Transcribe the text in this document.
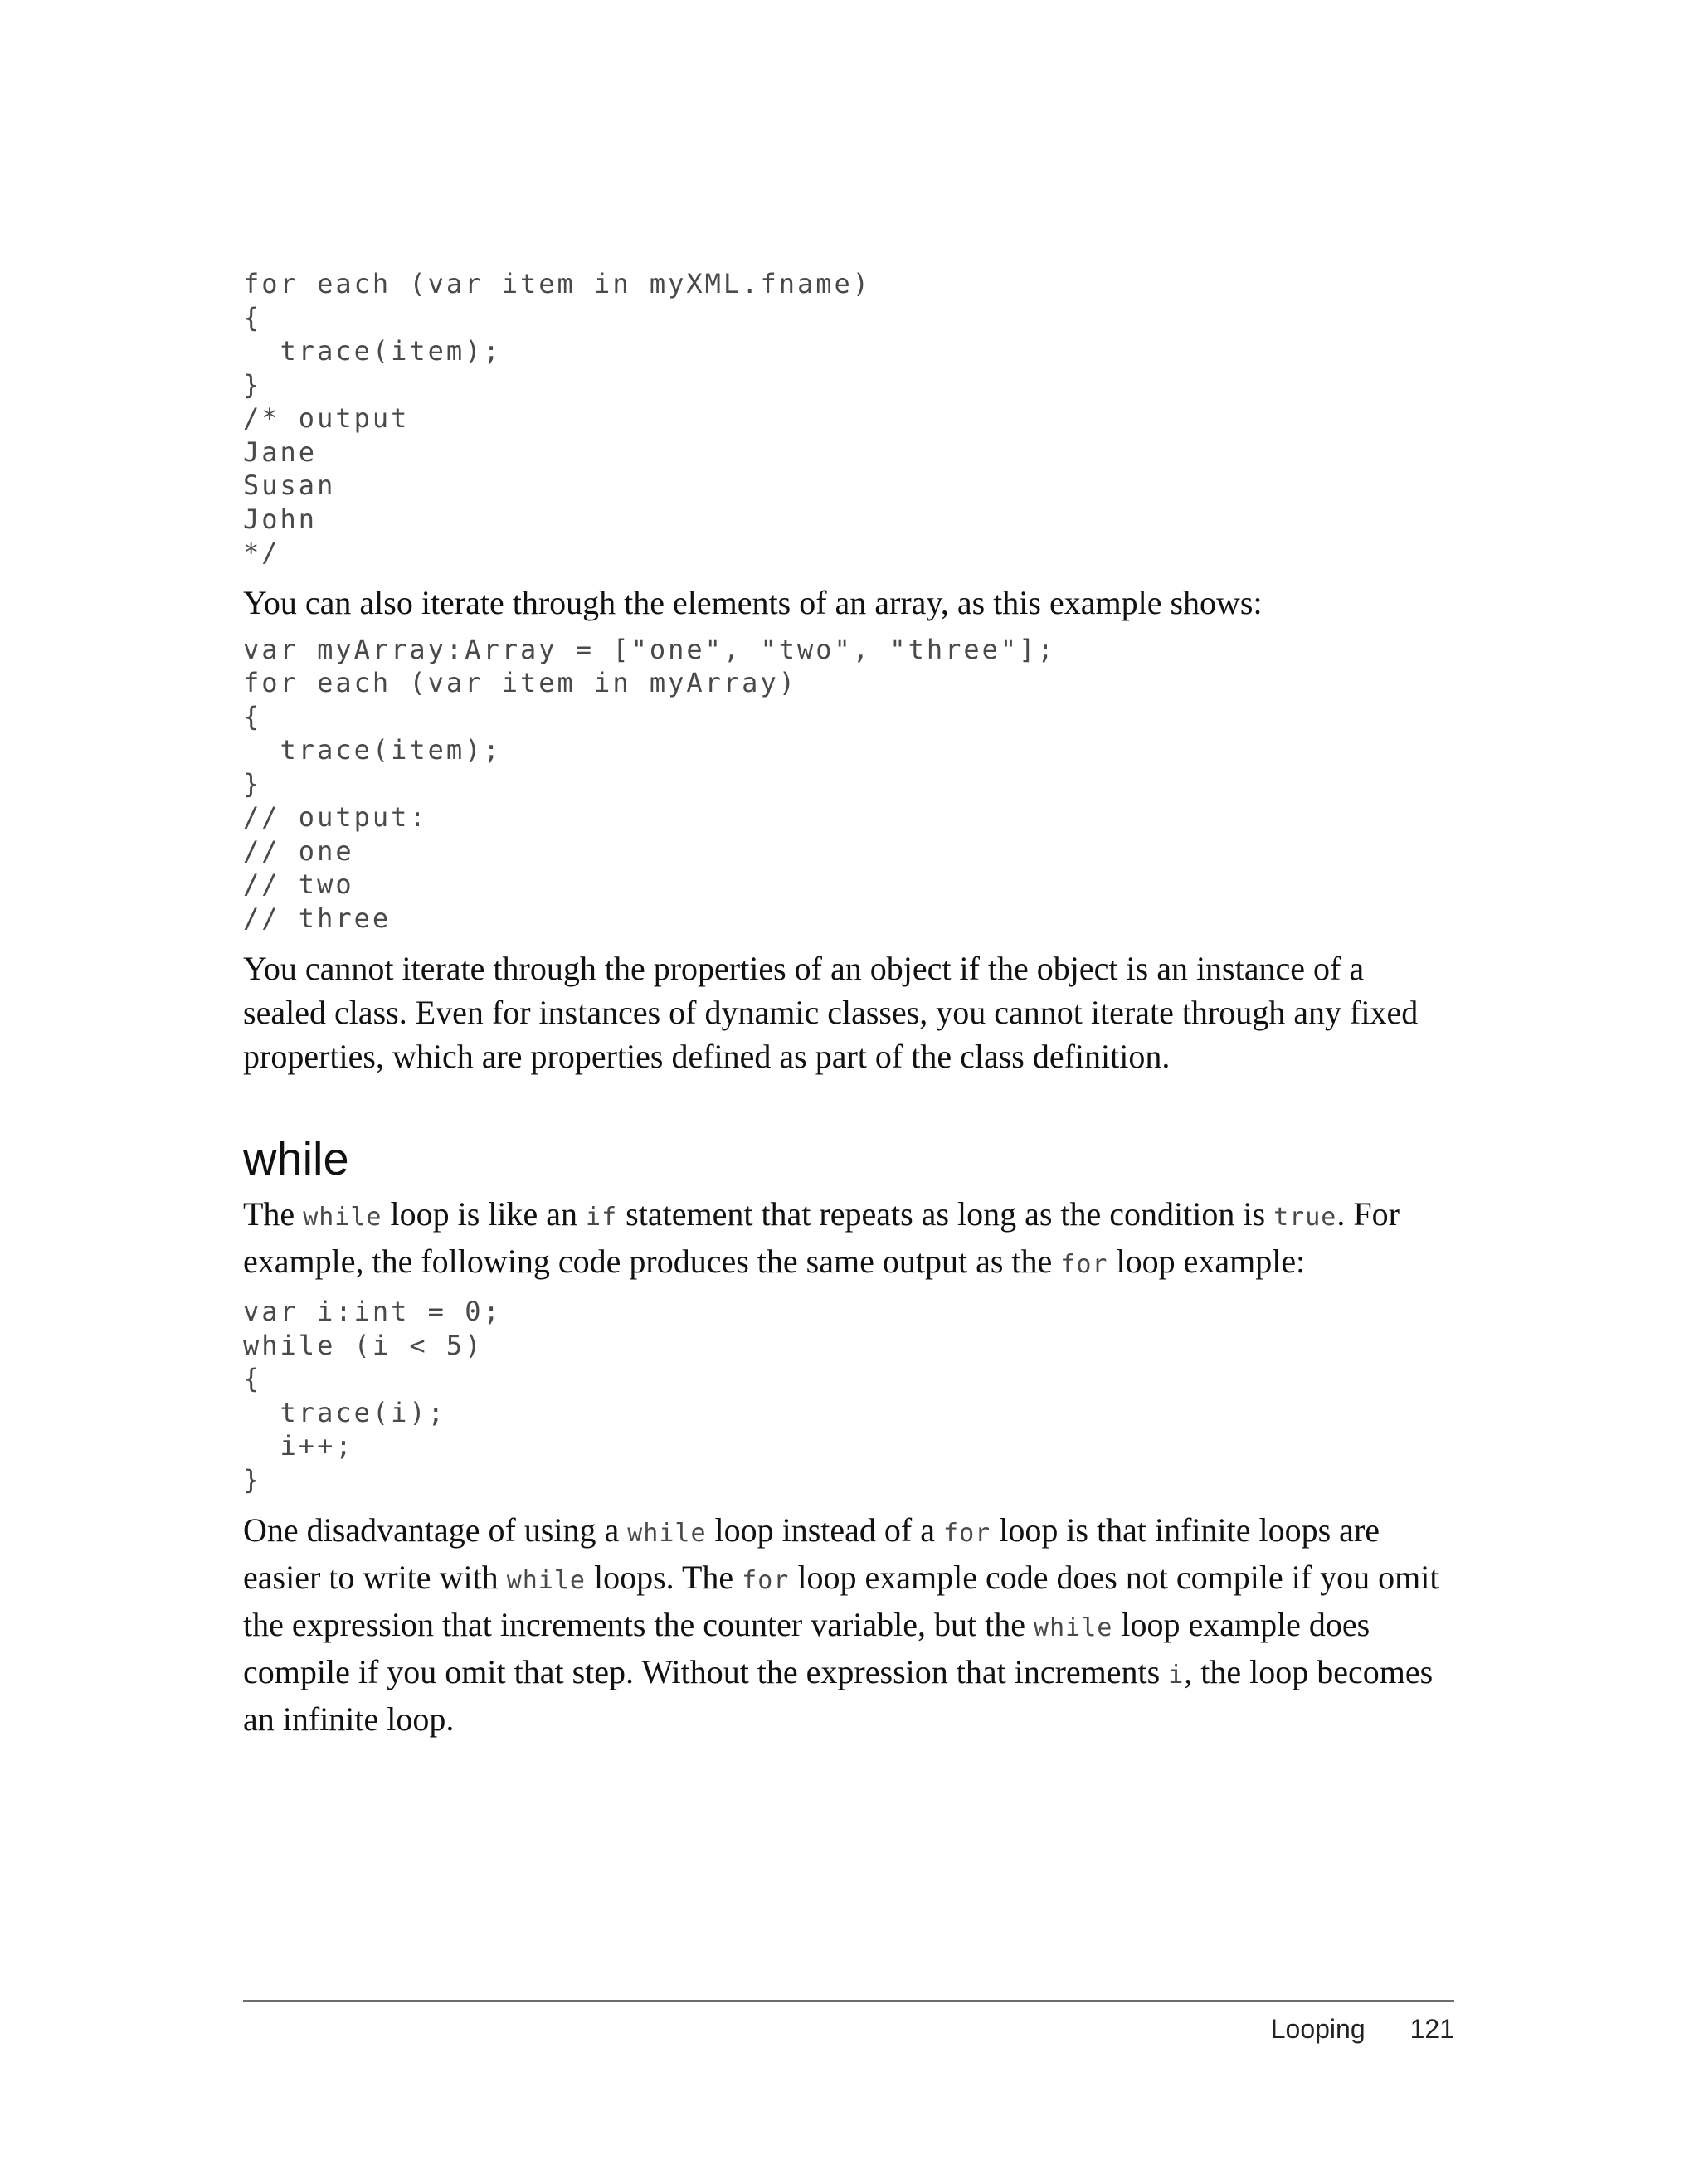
for each (var item in myXML.fname)
{
trace(item);
}
/* output
Jane
Susan
John
*/

You can also iterate through the elements of an array, as this example shows:

var myArray:Array = ["one", "two", "three"];
for each (var item in myArray)
{
trace(item);
}
// output:
// one
// two
// three

You cannot iterate through the properties of an object if the object is an instance of a sealed class. Even for instances of dynamic classes, you cannot iterate through any fixed properties, which are properties defined as part of the class definition.

while

The while loop is like an if statement that repeats as long as the condition is true. For example, the following code produces the same output as the for loop example:

var i:int = 0;
while (i < 5)
{
trace(i);
i++;
}

One disadvantage of using a while loop instead of a for loop is that infinite loops are easier to write with while loops. The for loop example code does not compile if you omit the expression that increments the counter variable, but the while loop example does compile if you omit that step. Without the expression that increments i, the loop becomes an infinite loop.

Looping 121
